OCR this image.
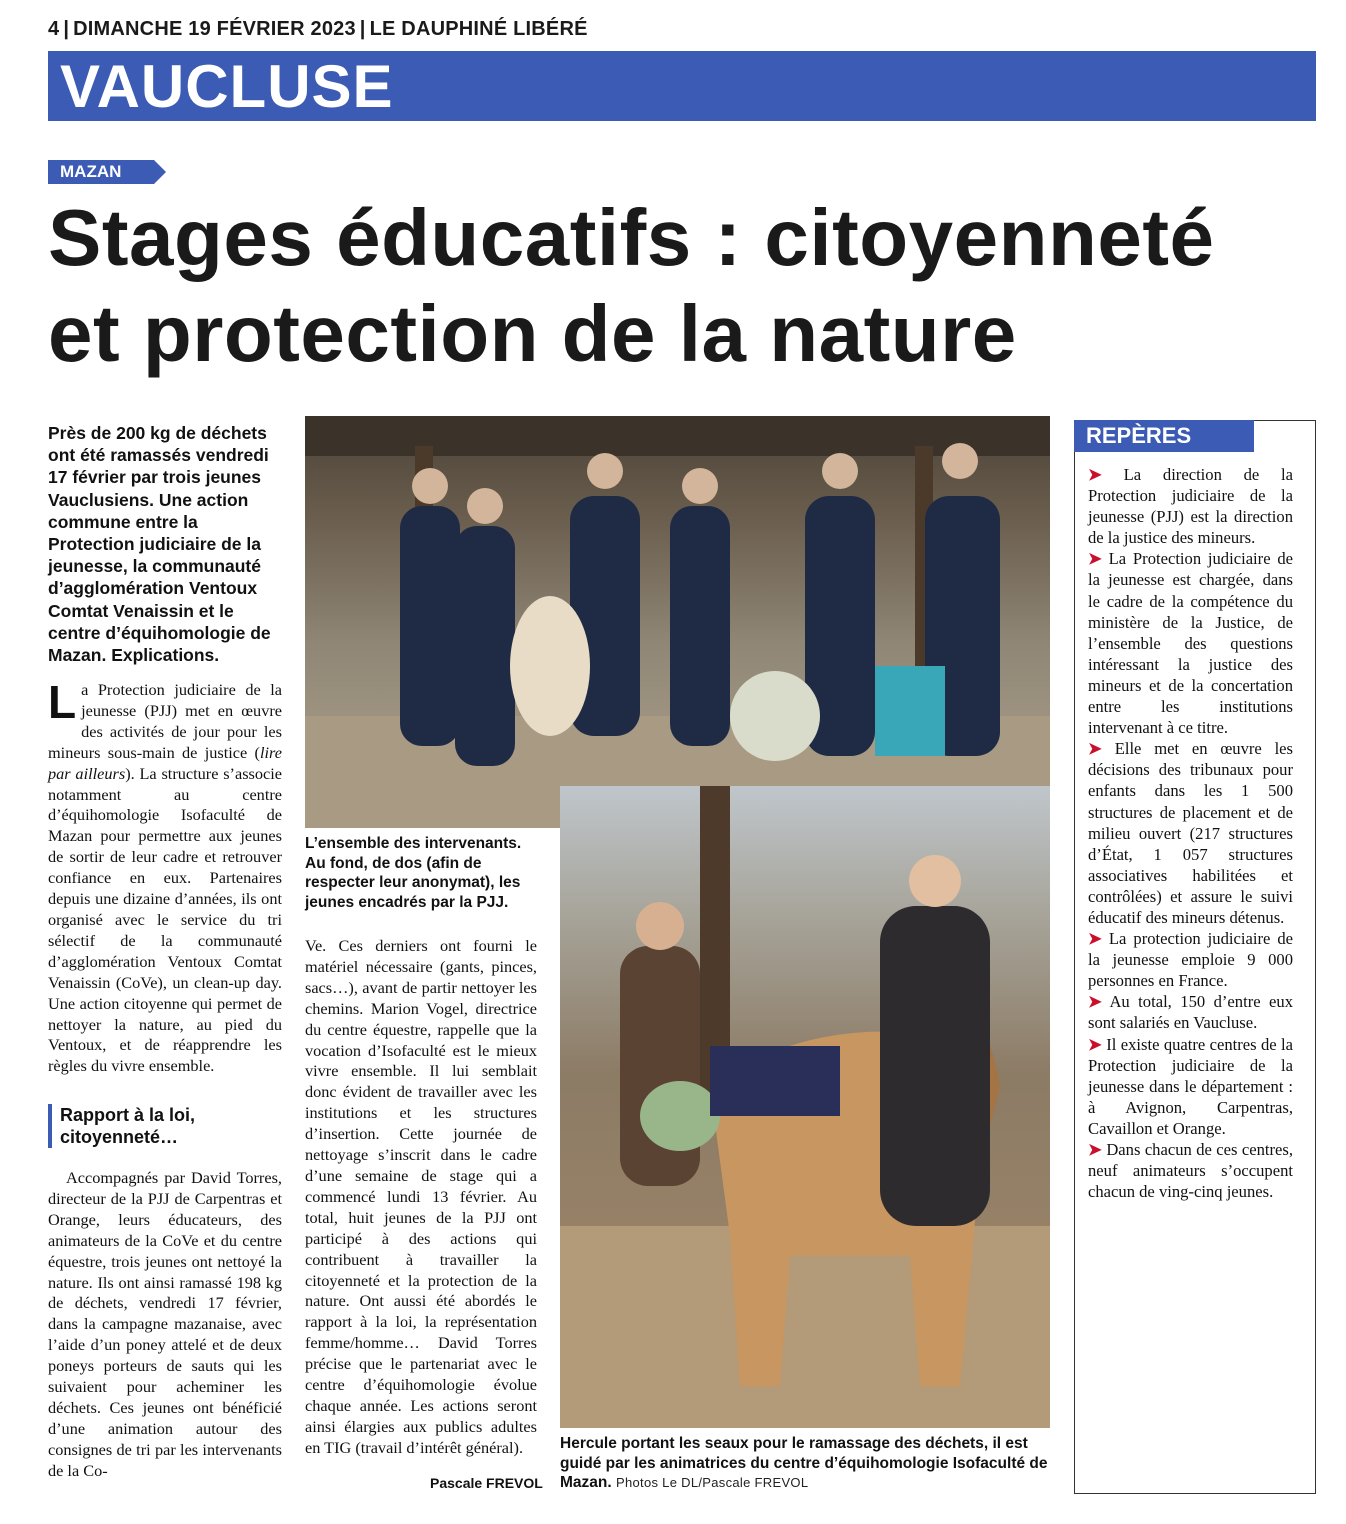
4 | DIMANCHE 19 FÉVRIER 2023 | LE DAUPHINÉ LIBÉRÉ
VAUCLUSE
MAZAN
Stages éducatifs : citoyenneté
et protection de la nature
Près de 200 kg de déchets ont été ramassés vendredi 17 février par trois jeunes Vauclusiens. Une action commune entre la Protection judiciaire de la jeunesse, la communauté d’agglomération Ventoux Comtat Venaissin et le centre d’équihomologie de Mazan. Explications.
La Protection judiciaire de la jeunesse (PJJ) met en œuvre des activités de jour pour les mineurs sous-main de justice (lire par ailleurs). La structure s’associe notamment au centre d’équihomologie Isofaculté de Mazan pour permettre aux jeunes de sortir de leur cadre et retrouver confiance en eux. Partenaires depuis une dizaine d’années, ils ont organisé avec le service du tri sélectif de la communauté d’agglomération Ventoux Comtat Venaissin (CoVe), un clean-up day. Une action citoyenne qui permet de nettoyer la nature, au pied du Ventoux, et de réapprendre les règles du vivre ensemble.
Rapport à la loi, citoyenneté…
Accompagnés par David Torres, directeur de la PJJ de Carpentras et Orange, leurs éducateurs, des animateurs de la CoVe et du centre équestre, trois jeunes ont nettoyé la nature. Ils ont ainsi ramassé 198 kg de déchets, vendredi 17 février, dans la campagne mazanaise, avec l’aide d’un poney attelé et de deux poneys porteurs de sauts qui les suivaient pour acheminer les déchets. Ces jeunes ont bénéficié d’une animation autour des consignes de tri par les intervenants de la Co-
L’ensemble des intervenants. Au fond, de dos (afin de respecter leur anonymat), les jeunes encadrés par la PJJ.
Ve. Ces derniers ont fourni le matériel nécessaire (gants, pinces, sacs…), avant de partir nettoyer les chemins. Marion Vogel, directrice du centre équestre, rappelle que la vocation d’Isofaculté est le mieux vivre ensemble. Il lui semblait donc évident de travailler avec les institutions et les structures d’insertion. Cette journée de nettoyage s’inscrit dans le cadre d’une semaine de stage qui a commencé lundi 13 février. Au total, huit jeunes de la PJJ ont participé à des actions qui contribuent à travailler la citoyenneté et la protection de la nature. Ont aussi été abordés le rapport à la loi, la représentation femme/homme… David Torres précise que le partenariat avec le centre d’équihomologie évolue chaque année. Les actions seront ainsi élargies aux publics adultes en TIG (travail d’intérêt général).
Pascale FREVOL
Hercule portant les seaux pour le ramassage des déchets, il est guidé par les animatrices du centre d’équihomologie Isofaculté de Mazan. Photos Le DL/Pascale FREVOL
REPÈRES

➤ La direction de la Protection judiciaire de la jeunesse (PJJ) est la direction de la justice des mineurs.

➤ La Protection judiciaire de la jeunesse est chargée, dans le cadre de la compétence du ministère de la Justice, de l’ensemble des questions intéressant la justice des mineurs et de la concertation entre les institutions intervenant à ce titre.

➤ Elle met en œuvre les décisions des tribunaux pour enfants dans les 1 500 structures de placement et de milieu ouvert (217 structures d’État, 1 057 structures associatives habilitées et contrôlées) et assure le suivi éducatif des mineurs détenus.

➤ La protection judiciaire de la jeunesse emploie 9 000 personnes en France.

➤ Au total, 150 d’entre eux sont salariés en Vaucluse.

➤ Il existe quatre centres de la Protection judiciaire de la jeunesse dans le département : à Avignon, Carpentras, Cavaillon et Orange.

➤ Dans chacun de ces centres, neuf animateurs s’occupent chacun de ving-cinq jeunes.
